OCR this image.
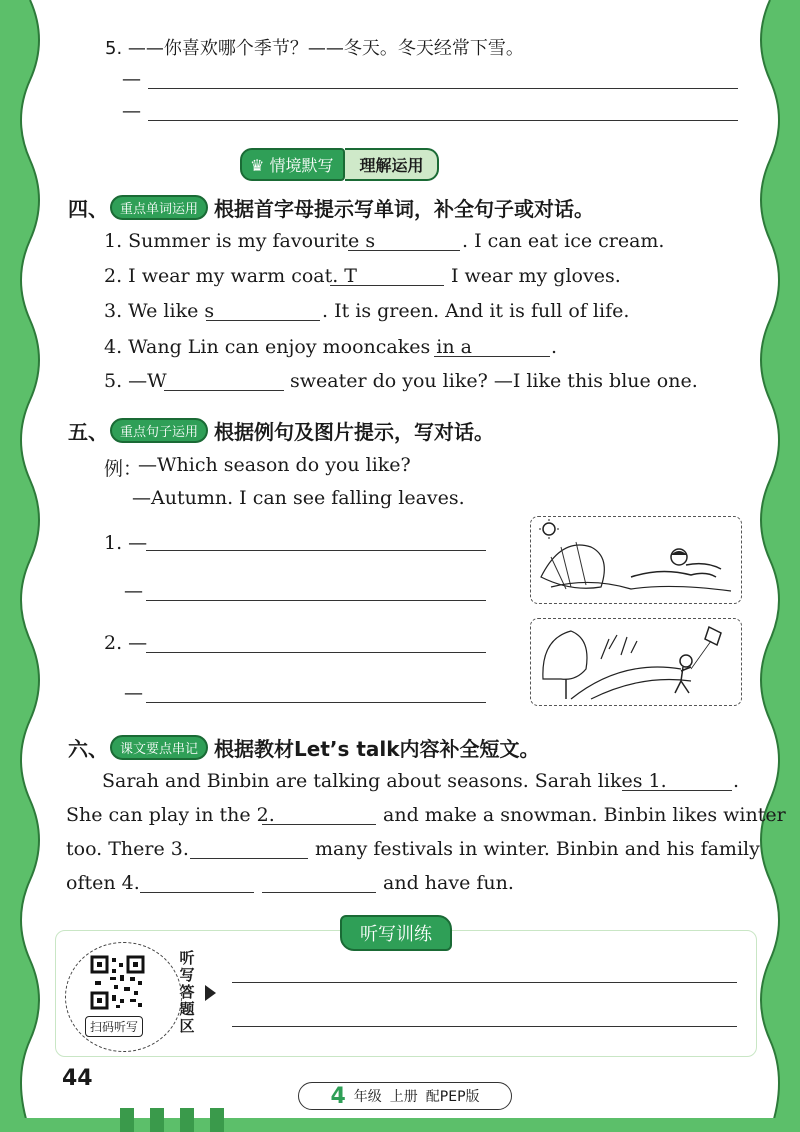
5. ——你喜欢哪个季节？——冬天。冬天经常下雪。
—
—
♛ 情境默写	理解运用
四、 重点单词运用 根据首字母提示写单词，补全句子或对话。
1. Summer is my favourite s	. I can eat ice cream.
2. I wear my warm coat. T	I wear my gloves.
3. We like s	. It is green. And it is full of life.
4. Wang Lin can enjoy mooncakes in a	.
5. —W	sweater do you like? —I like this blue one.
五、 重点句子运用 根据例句及图片提示，写对话。
例：
—Which season do you like?
—Autumn. I can see falling leaves.
1. —
—
2. —
—
六、 课文要点串记 根据教材Let’s talk内容补全短文。
Sarah and Binbin are talking about seasons. Sarah likes 1.	.
She can play in the 2.	and make a snowman. Binbin likes winter
too. There 3.	many festivals in winter. Binbin and his family
often 4.	and have fun.
听写训练
扫码听写
听
写
答
题
区
44
4 年级 上册 配PEP版
